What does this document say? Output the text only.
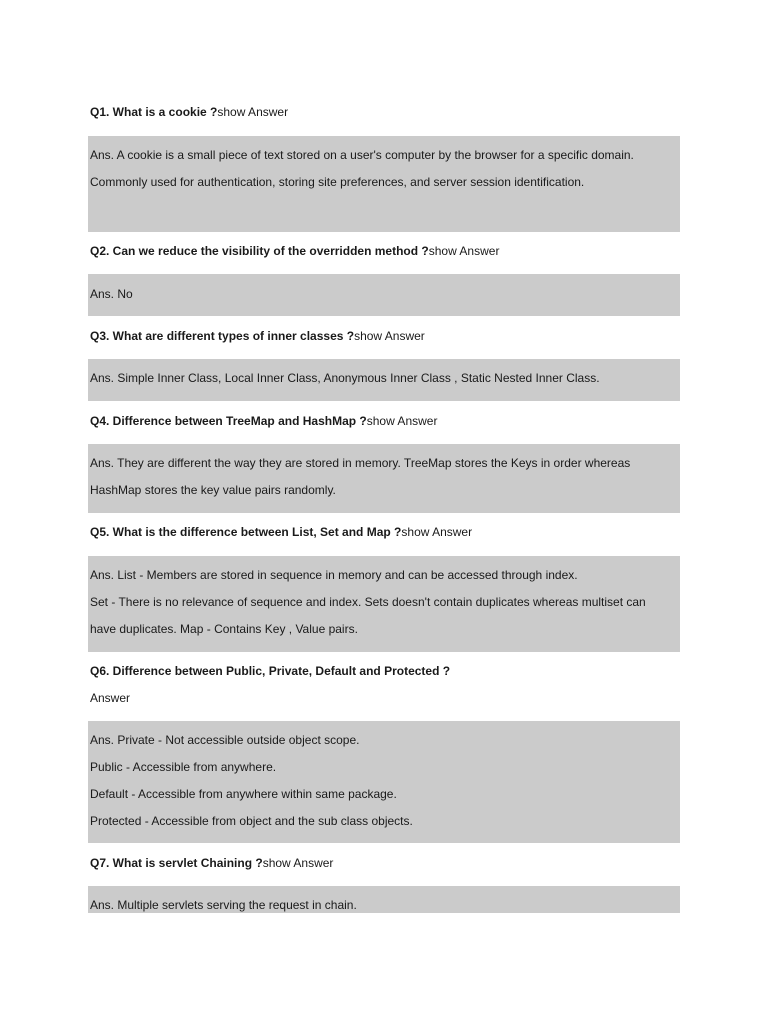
Q1. What is a cookie ?show Answer
Ans. A cookie is a small piece of text stored on a user's computer by the browser for a specific domain.
Commonly used for authentication, storing site preferences, and server session identification.
Q2. Can we reduce the visibility of the overridden method ?show Answer
Ans. No
Q3. What are different types of inner classes ?show Answer
Ans. Simple Inner Class, Local Inner Class, Anonymous Inner Class , Static Nested Inner Class.
Q4. Difference between TreeMap and HashMap ?show Answer
Ans. They are different the way they are stored in memory. TreeMap stores the Keys in order whereas
HashMap stores the key value pairs randomly.
Q5. What is the difference between List, Set and Map ?show Answer
Ans. List - Members are stored in sequence in memory and can be accessed through index.
Set - There is no relevance of sequence and index. Sets doesn't contain duplicates whereas multiset can
have duplicates. Map - Contains Key , Value pairs.
Q6. Difference between Public, Private, Default and Protected ?
Answer
Ans. Private - Not accessible outside object scope.
Public - Accessible from anywhere.
Default - Accessible from anywhere within same package.
Protected - Accessible from object and the sub class objects.
Q7. What is servlet Chaining ?show Answer
Ans. Multiple servlets serving the request in chain.
